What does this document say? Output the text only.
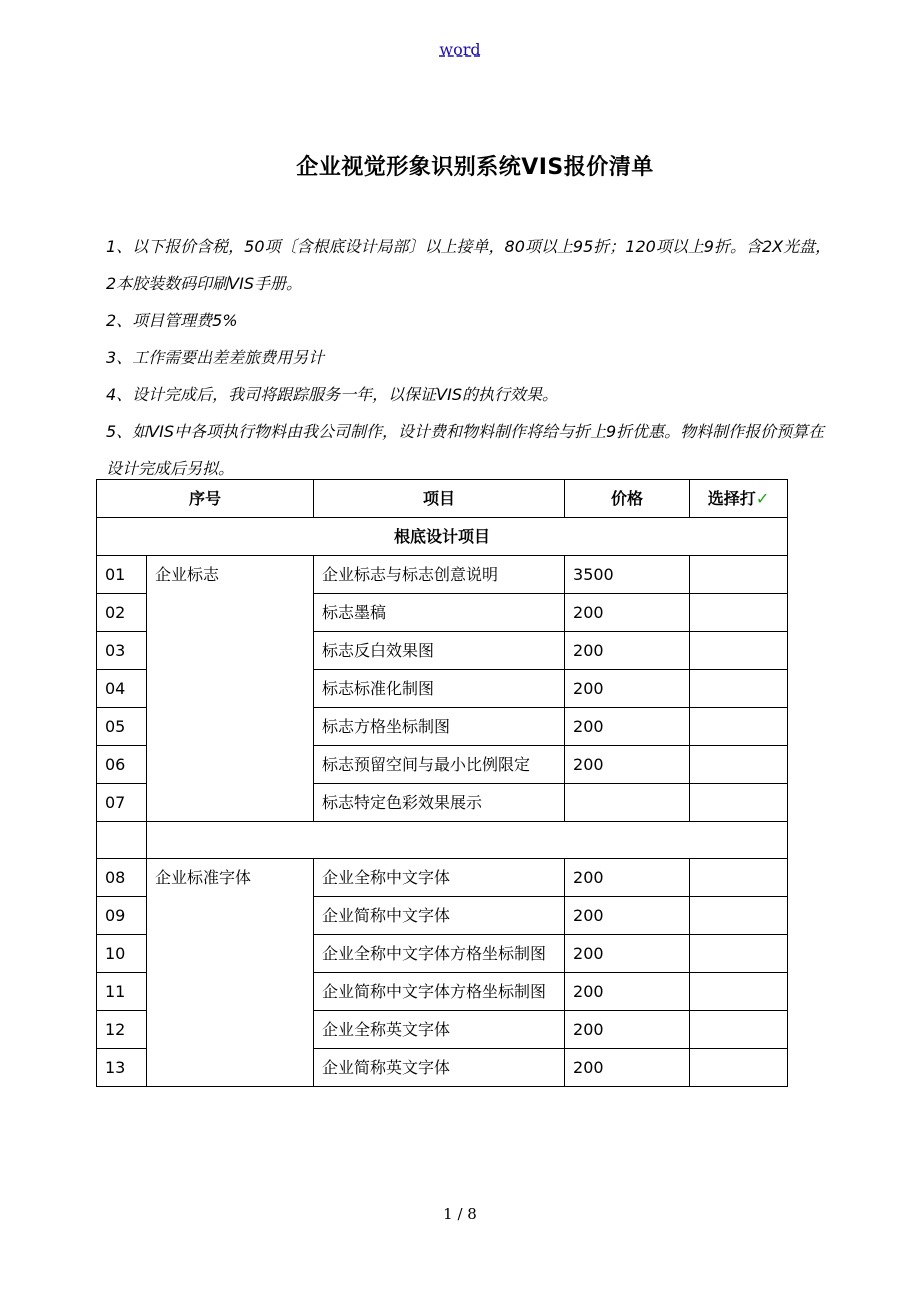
word
企业视觉形象识别系统VIS报价清单

1、以下报价含税，50项〔含根底设计局部〕以上接单，80项以上95折；120项以上9折。含2X光盘，2本胶装数码印刷VIS手册。

2、项目管理费5%

3、工作需要出差差旅费用另计

4、设计完成后，我司将跟踪服务一年，以保证VIS的执行效果。

5、如VIS中各项执行物料由我公司制作，设计费和物料制作将给与折上9折优惠。物料制作报价预算在设计完成后另拟。

序号		项目	价格	选择打✓
根底设计项目				
01	企业标志	企业标志与标志创意说明	3500	
02		标志墨稿	200	
03		标志反白效果图	200	
04		标志标准化制图	200	
05		标志方格坐标制图	200	
06		标志预留空间与最小比例限定	200	
07		标志特定色彩效果展示		

08	企业标准字体	企业全称中文字体	200	
09		企业简称中文字体	200	
10		企业全称中文字体方格坐标制图	200	
11		企业简称中文字体方格坐标制图	200	
12		企业全称英文字体	200	
13		企业简称英文字体	200	
1 / 8
